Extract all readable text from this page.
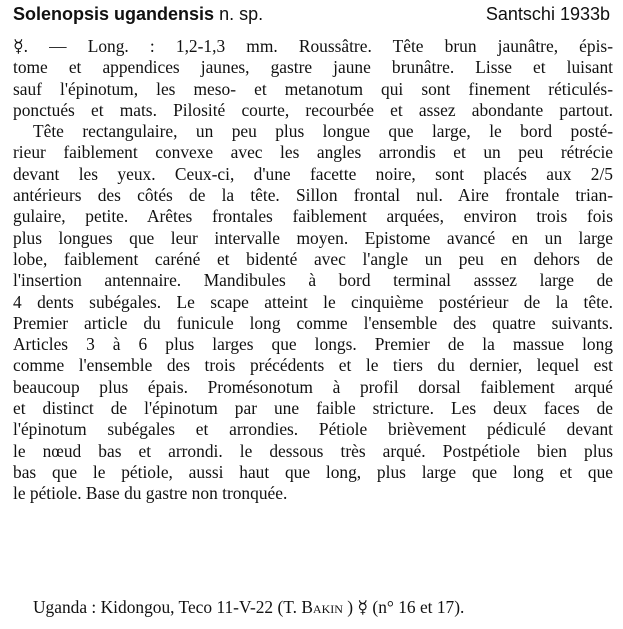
Solenopsis ugandensis n. sp.	Santschi 1933b
☿. — Long. : 1,2-1,3 mm. Roussâtre. Tête brun jaunâtre, épis-
tome et appendices jaunes, gastre jaune brunâtre. Lisse et luisant
sauf l'épinotum, les meso- et metanotum qui sont finement réticulés-
ponctués et mats. Pilosité courte, recourbée et assez abondante partout.
Tête rectangulaire, un peu plus longue que large, le bord posté-
rieur faiblement convexe avec les angles arrondis et un peu rétrécie
devant les yeux. Ceux-ci, d'une facette noire, sont placés aux 2/5
antérieurs des côtés de la tête. Sillon frontal nul. Aire frontale trian-
gulaire, petite. Arêtes frontales faiblement arquées, environ trois fois
plus longues que leur intervalle moyen. Epistome avancé en un large
lobe, faiblement caréné et bidenté avec l'angle un peu en dehors de
l'insertion antennaire. Mandibules à bord terminal asssez large de
4 dents subégales. Le scape atteint le cinquième postérieur de la tête.
Premier article du funicule long comme l'ensemble des quatre suivants.
Articles 3 à 6 plus larges que longs. Premier de la massue long
comme l'ensemble des trois précédents et le tiers du dernier, lequel est
beaucoup plus épais. Promésonotum à profil dorsal faiblement arqué
et distinct de l'épinotum par une faible stricture. Les deux faces de
l'épinotum subégales et arrondies. Pétiole brièvement pédiculé devant
le nœud bas et arrondi. le dessous très arqué. Postpétiole bien plus
bas que le pétiole, aussi haut que long, plus large que long et que
le pétiole. Base du gastre non tronquée.
Uganda : Kidongou, Teco 11-V-22 (T. Bakin ) ☿ (n° 16 et 17).
